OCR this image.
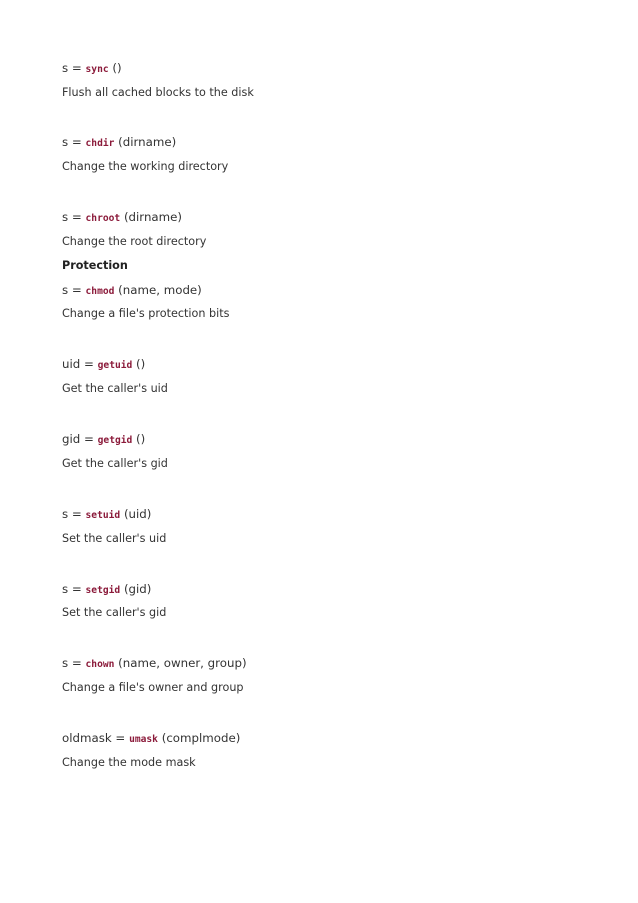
s = sync ()
Flush all cached blocks to the disk
s = chdir (dirname)
Change the working directory
s = chroot (dirname)
Change the root directory
Protection
s = chmod (name, mode)
Change a file's protection bits
uid = getuid ()
Get the caller's uid
gid = getgid ()
Get the caller's gid
s = setuid (uid)
Set the caller's uid
s = setgid (gid)
Set the caller's gid
s = chown (name, owner, group)
Change a file's owner and group
oldmask = umask (complmode)
Change the mode mask
